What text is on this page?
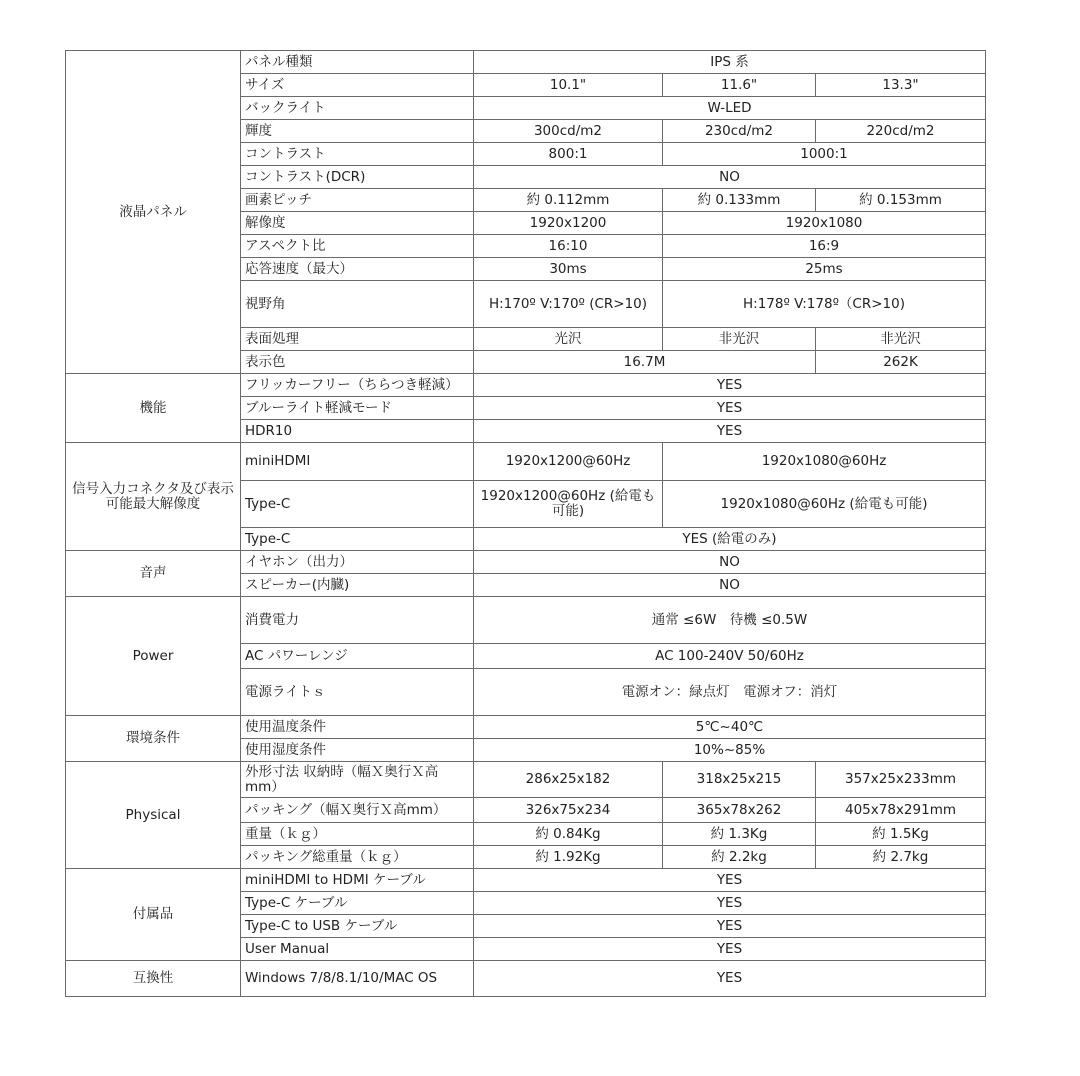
液晶パネル	パネル種類	IPS 系		
	サイズ	10.1"	11.6"	13.3"
	バックライト	W-LED		
	輝度	300cd/m2	230cd/m2	220cd/m2
	コントラスト	800:1	1000:1	
	コントラスト(DCR)	NO		
	画素ピッチ	約 0.112mm	約 0.133mm	約 0.153mm
	解像度	1920x1200	1920x1080	
	アスペクト比	16:10	16:9	
	応答速度（最大）	30ms	25ms	
	視野角	H:170º V:170º (CR>10)	H:178º V:178º（CR>10)	
	表面処理	光沢	非光沢	非光沢
	表示色	16.7M		262K
機能	フリッカーフリー（ちらつき軽減）	YES		
	ブルーライト軽減モード	YES		
	HDR10	YES		
信号入力コネクタ及び表示可能最大解像度	miniHDMI	1920x1200@60Hz	1920x1080@60Hz	
	Type-C	1920x1200@60Hz (給電も可能)	1920x1080@60Hz (給電も可能)	
	Type-C	YES (給電のみ)		
音声	イヤホン（出力）	NO		
	スピーカー(内臓)	NO		
Power	消費電力	通常 ≤6W　待機 ≤0.5W		
	AC パワーレンジ	AC 100-240V 50/60Hz		
	電源ライトｓ	電源オン：緑点灯　電源オフ：消灯		
環境条件	使用温度条件	5℃~40℃		
	使用湿度条件	10%~85%		
Physical	外形寸法 収納時（幅Ｘ奥行Ｘ高mm）	286x25x182	318x25x215	357x25x233mm
	パッキング（幅Ｘ奥行Ｘ高mm）	326x75x234	365x78x262	405x78x291mm
	重量（ｋｇ）	約 0.84Kg	約 1.3Kg	約 1.5Kg
	パッキング総重量（ｋｇ）	約 1.92Kg	約 2.2kg	約 2.7kg
付属品	miniHDMI to HDMI ケーブル	YES		
	Type-C ケーブル	YES		
	Type-C to USB ケーブル	YES		
	User Manual	YES		
互換性	Windows 7/8/8.1/10/MAC OS	YES		
